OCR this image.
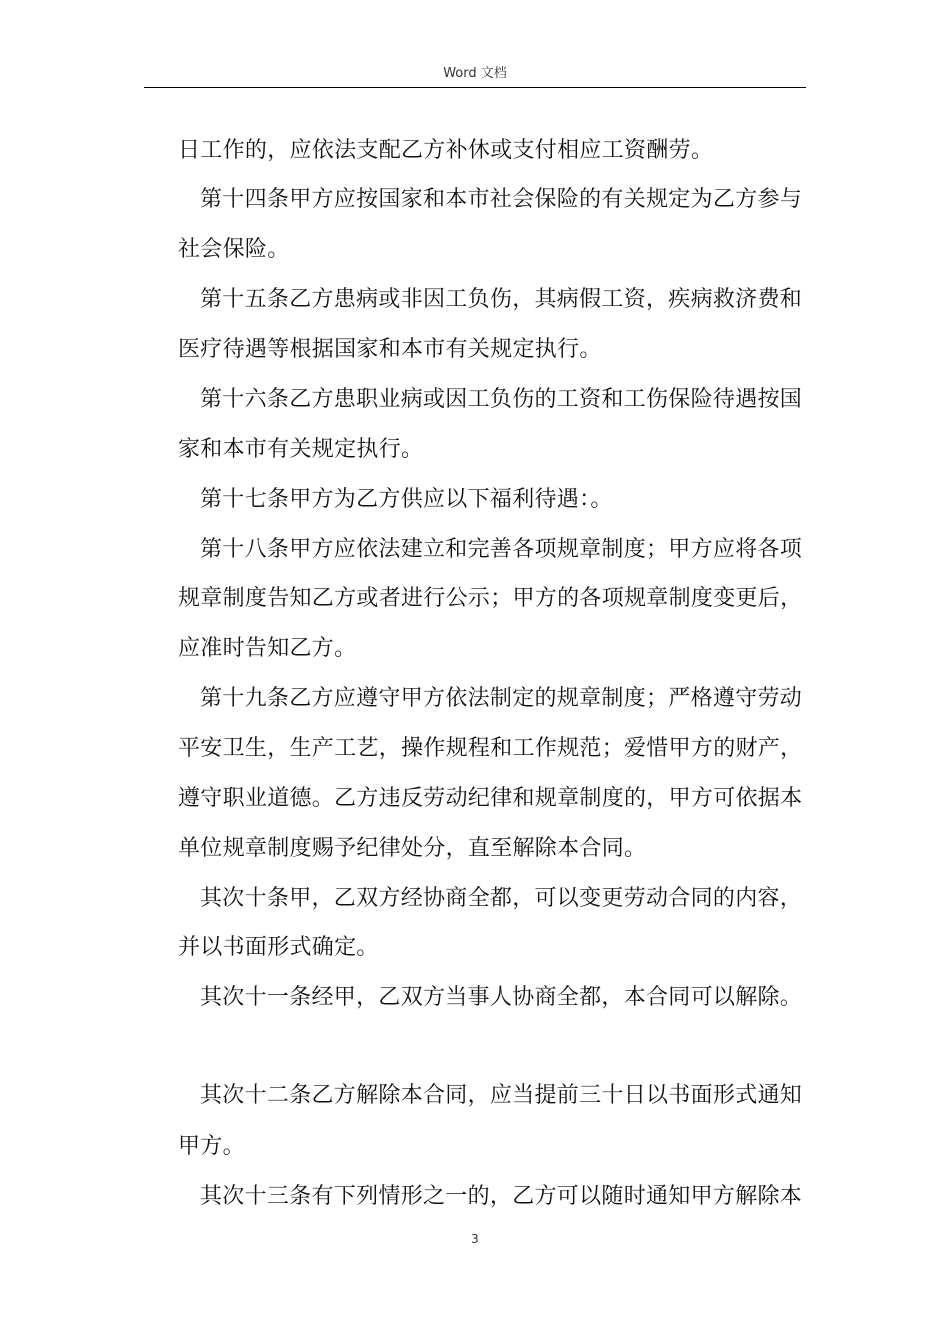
Word 文档
日工作的，应依法支配乙方补休或支付相应工资酬劳。
第十四条甲方应按国家和本市社会保险的有关规定为乙方参与
社会保险。
第十五条乙方患病或非因工负伤，其病假工资，疾病救济费和
医疗待遇等根据国家和本市有关规定执行。
第十六条乙方患职业病或因工负伤的工资和工伤保险待遇按国
家和本市有关规定执行。
第十七条甲方为乙方供应以下福利待遇：。
第十八条甲方应依法建立和完善各项规章制度；甲方应将各项
规章制度告知乙方或者进行公示；甲方的各项规章制度变更后，
应准时告知乙方。
第十九条乙方应遵守甲方依法制定的规章制度；严格遵守劳动
平安卫生，生产工艺，操作规程和工作规范；爱惜甲方的财产，
遵守职业道德。乙方违反劳动纪律和规章制度的，甲方可依据本
单位规章制度赐予纪律处分，直至解除本合同。
其次十条甲，乙双方经协商全都，可以变更劳动合同的内容，
并以书面形式确定。
其次十一条经甲，乙双方当事人协商全都，本合同可以解除。
其次十二条乙方解除本合同，应当提前三十日以书面形式通知
甲方。
其次十三条有下列情形之一的，乙方可以随时通知甲方解除本
3
